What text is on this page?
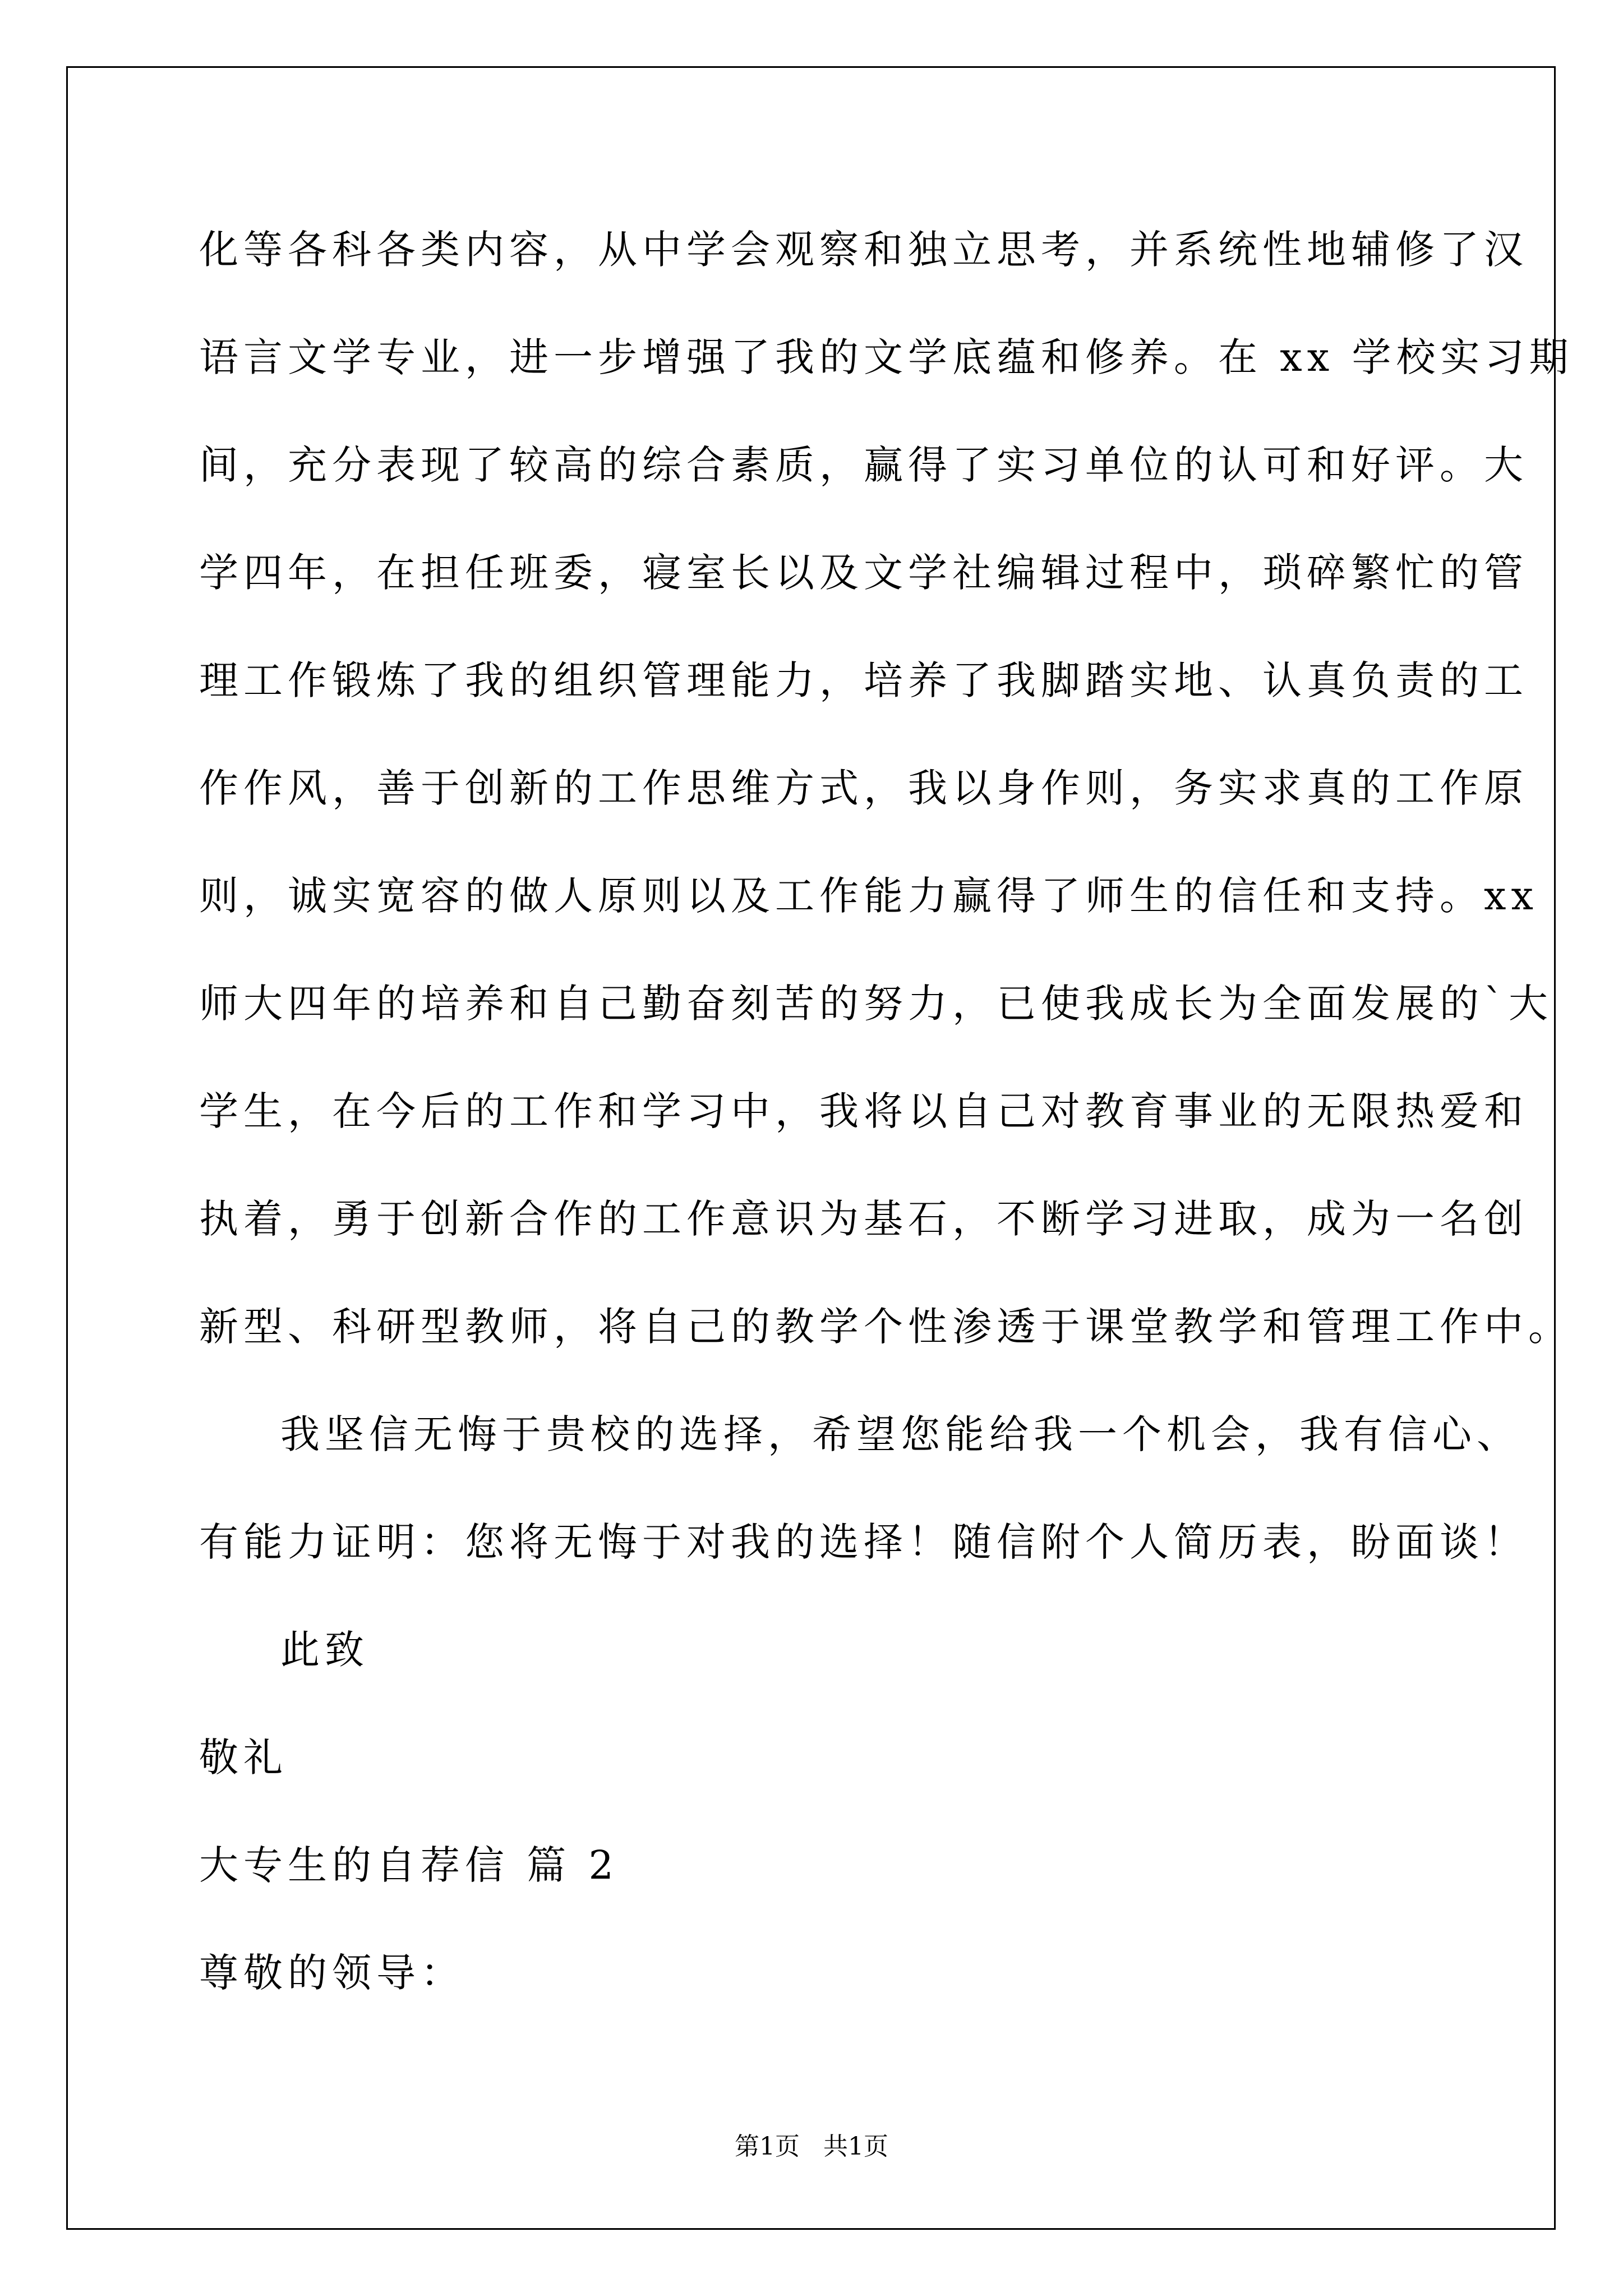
化等各科各类内容，从中学会观察和独立思考，并系统性地辅修了汉
语言文学专业，进一步增强了我的文学底蕴和修养。在 xx 学校实习期
间，充分表现了较高的综合素质，赢得了实习单位的认可和好评。大
学四年，在担任班委，寝室长以及文学社编辑过程中，琐碎繁忙的管
理工作锻炼了我的组织管理能力，培养了我脚踏实地、认真负责的工
作作风，善于创新的工作思维方式，我以身作则，务实求真的工作原
则，诚实宽容的做人原则以及工作能力赢得了师生的信任和支持。xx
师大四年的培养和自己勤奋刻苦的努力，已使我成长为全面发展的`大
学生，在今后的工作和学习中，我将以自己对教育事业的无限热爱和
执着，勇于创新合作的工作意识为基石，不断学习进取，成为一名创
新型、科研型教师，将自己的教学个性渗透于课堂教学和管理工作中。
我坚信无悔于贵校的选择，希望您能给我一个机会，我有信心、
有能力证明：您将无悔于对我的选择！随信附个人简历表，盼面谈！
此致
敬礼
大专生的自荐信 篇 2
尊敬的领导：
第1页   共1页
